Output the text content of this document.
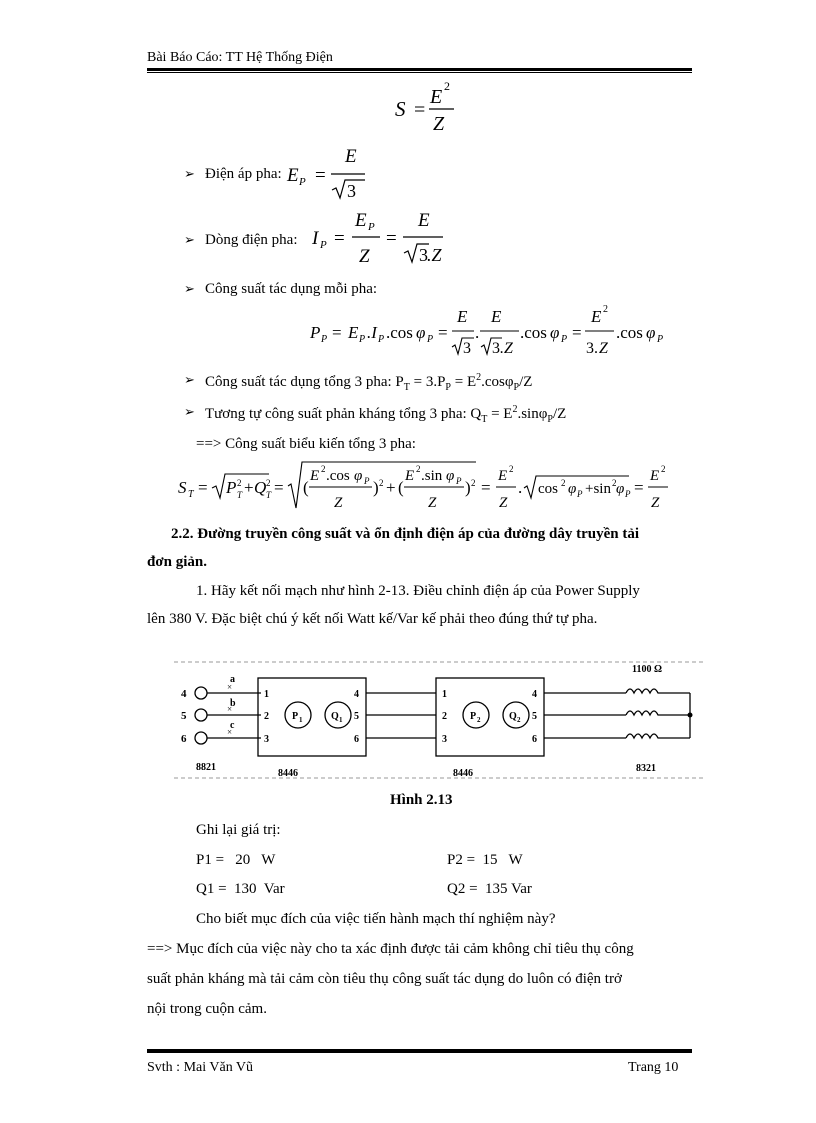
Bài Báo Cáo: TT Hệ Thống Điện
S =
E 2
Z
➢ Điện áp pha: E P =
E
3
➢ Dòng điện pha: I P =
E P
Z
=
E
3 .Z
➢ Công suất tác dụng mỗi pha:
P P = E P .I P .cos φ P =
E
3
.
E
3 .Z
.cos φ P =
E 2
3. Z
.cos φ P
➢ Công suất tác dụng tổng 3 pha: $P_T = 3.P_P = E^2.\cos\varphi_P/Z$
➢ Tương tự công suất phản kháng tổng 3 pha: $Q_T = E^2.\sin\varphi_P/Z$
==> Công suất biểu kiến tổng 3 pha:
S T = P 2
T + Q 2
T = (
E 2 .cos φ P
Z
) 2 + (
E 2 .sin φ P
Z
) 2 =
E 2
Z
. cos 2 φ P +sin 2 φ P =
E 2
Z
2.2. Đường truyền công suất và ổn định điện áp của đường dây truyền tải
đơn giản.
1. Hãy kết nối mạch như hình 2-13. Điều chỉnh điện áp của Power Supply
lên 380 V. Đặc biệt chú ý kết nối Watt kế/Var kế phải theo đúng thứ tự pha.
4
5
6
a
b
c
8821
8446	8446	8321
1100 Ω
×
×
×
1
2
3
4
5
6
1
2
3
4
5
6
P 1	Q 1	P 2	Q 2
Hình 2.13
Ghi lại giá trị:
P1 =   20   W	P2 =  15   W
Q1 =  130  Var	Q2 =  135 Var
Cho biết mục đích của việc tiến hành mạch thí nghiệm này?
==> Mục đích của việc này cho ta xác định được tải cảm không chỉ tiêu thụ công
suất phản kháng mà tải cảm còn tiêu thụ công suất tác dụng do luôn có điện trở
nội trong cuộn cảm.
Svth : Mai Văn Vũ	Trang 10
